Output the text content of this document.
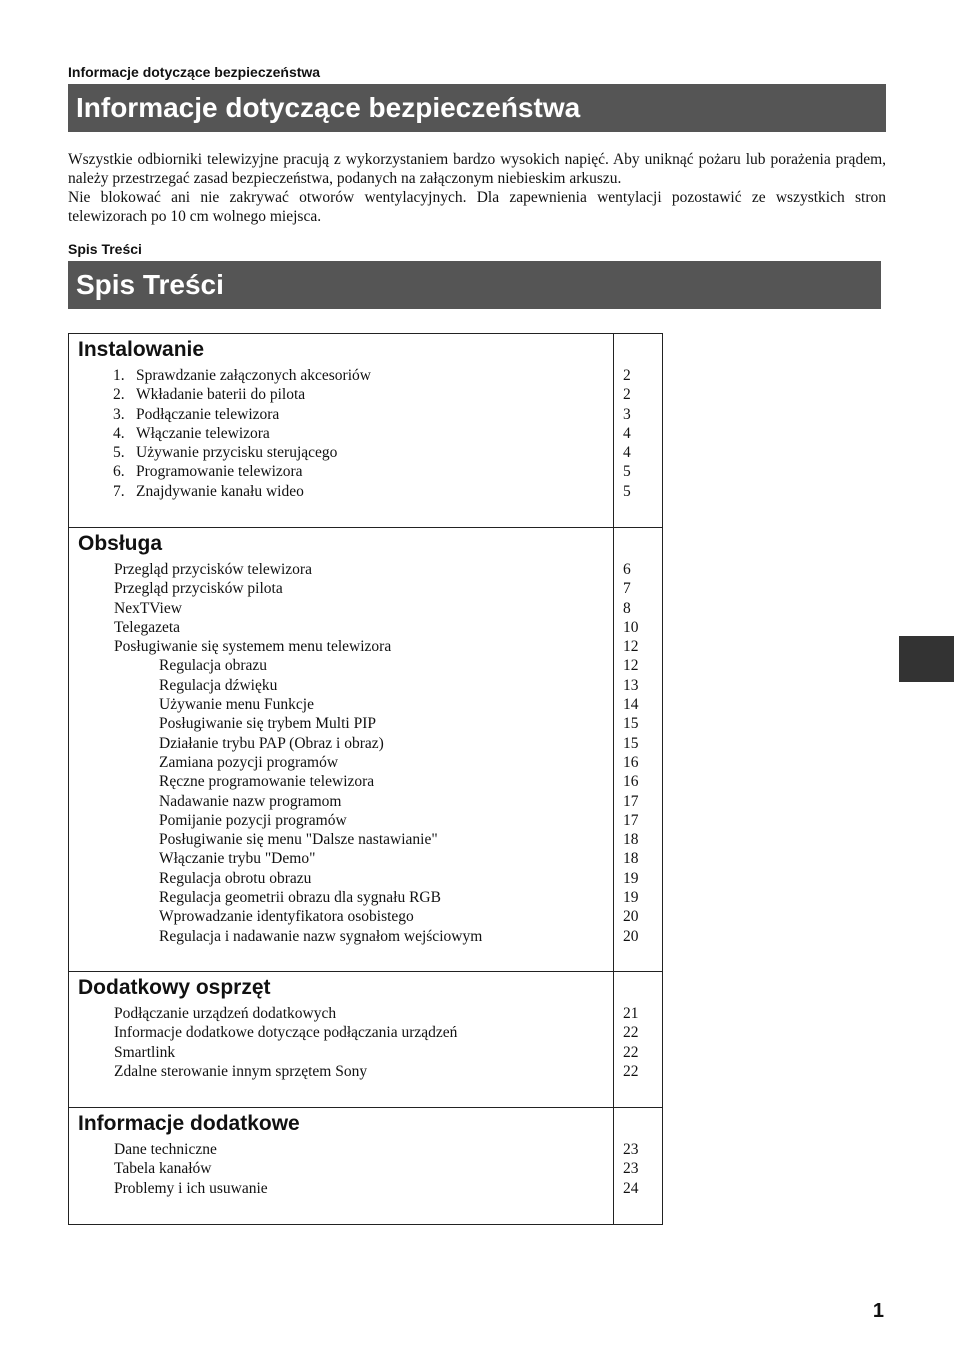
Informacje dotyczące bezpieczeństwa
Informacje dotyczące bezpieczeństwa

Wszystkie odbiorniki telewizyjne pracują z wykorzystaniem bardzo wysokich napięć. Aby uniknąć pożaru lub porażenia prądem, należy przestrzegać zasad bezpieczeństwa, podanych na załączonym niebieskim arkuszu.

Nie blokować ani nie zakrywać otworów wentylacyjnych. Dla zapewnienia wentylacji pozostawić ze wszystkich stron telewizorach po 10 cm wolnego miejsca.

Spis Treści
Spis Treści
Instalowanie
1. Sprawdzanie załączonych akcesoriów	2
2. Wkładanie baterii do pilota	2
3. Podłączanie telewizora	3
4. Włączanie telewizora	4
5. Używanie przycisku sterującego	4
6. Programowanie telewizora	5
7. Znajdywanie kanału wideo	5
Obsługa
Przegląd przycisków telewizora	6
Przegląd przycisków pilota	7
NexTView	8
Telegazeta	10
Posługiwanie się systemem menu telewizora	12
Regulacja obrazu	12
Regulacja dźwięku	13
Używanie menu Funkcje	14
Posługiwanie się trybem Multi PIP	15
Działanie trybu PAP (Obraz i obraz)	15
Zamiana pozycji programów	16
Ręczne programowanie telewizora	16
Nadawanie nazw programom	17
Pomijanie pozycji programów	17
Posługiwanie się menu "Dalsze nastawianie"	18
Włączanie trybu "Demo"	18
Regulacja obrotu obrazu	19
Regulacja geometrii obrazu dla sygnału RGB	19
Wprowadzanie identyfikatora osobistego	20
Regulacja i nadawanie nazw sygnałom wejściowym	20
Dodatkowy osprzęt
Podłączanie urządzeń dodatkowych	21
Informacje dodatkowe dotyczące podłączania urządzeń	22
Smartlink	22
Zdalne sterowanie innym sprzętem Sony	22
Informacje dodatkowe
Dane techniczne	23
Tabela kanałów	23
Problemy i ich usuwanie	24
1
